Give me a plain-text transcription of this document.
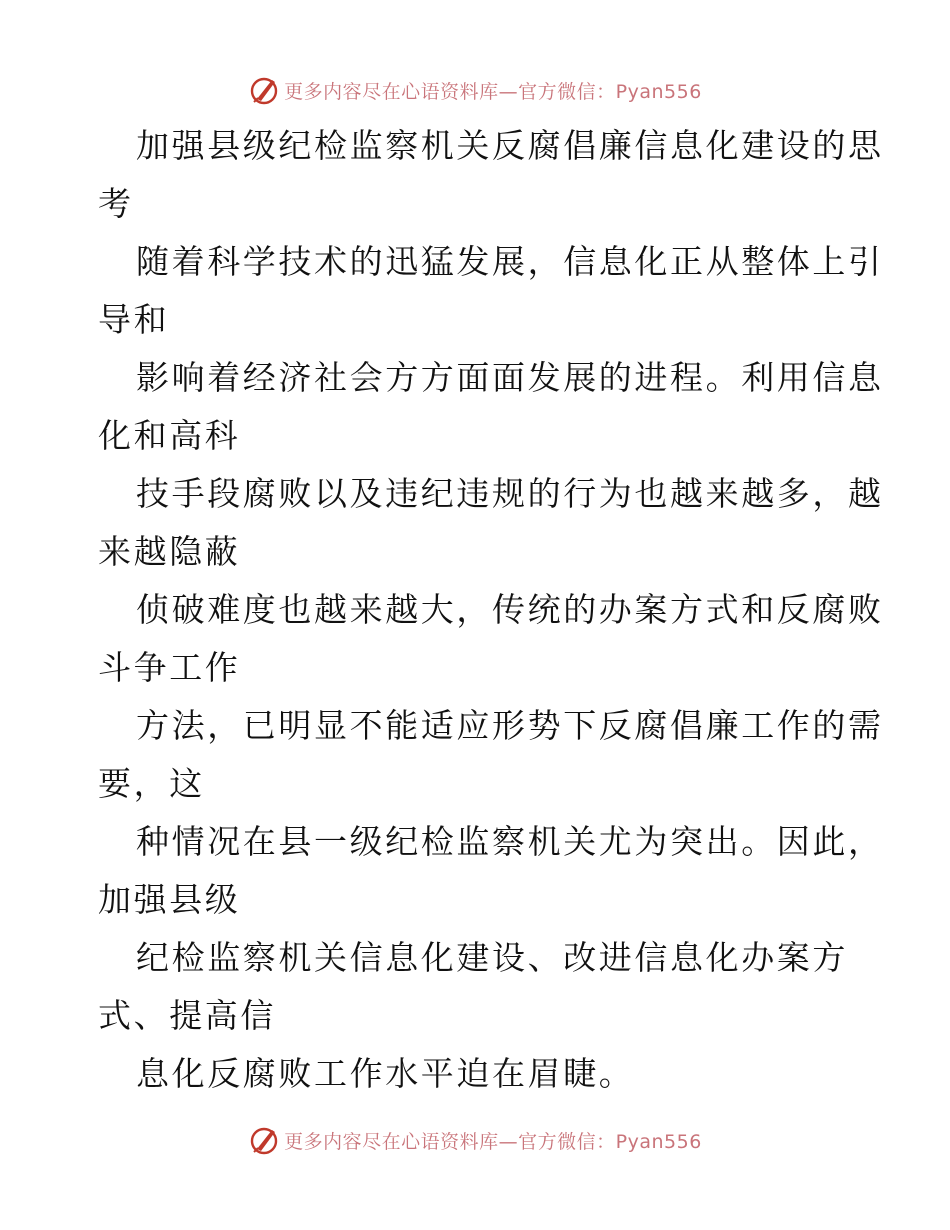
更多内容尽在心语资料库—官方微信：Pyan556
加强县级纪检监察机关反腐倡廉信息化建设的思
考
随着科学技术的迅猛发展，信息化正从整体上引
导和
影响着经济社会方方面面发展的进程。利用信息
化和高科
技手段腐败以及违纪违规的行为也越来越多，越
来越隐蔽
侦破难度也越来越大，传统的办案方式和反腐败
斗争工作
方法，已明显不能适应形势下反腐倡廉工作的需
要，这
种情况在县一级纪检监察机关尤为突出。因此，
加强县级
纪检监察机关信息化建设、改进信息化办案方
式、提高信
息化反腐败工作水平迫在眉睫。
更多内容尽在心语资料库—官方微信：Pyan556
